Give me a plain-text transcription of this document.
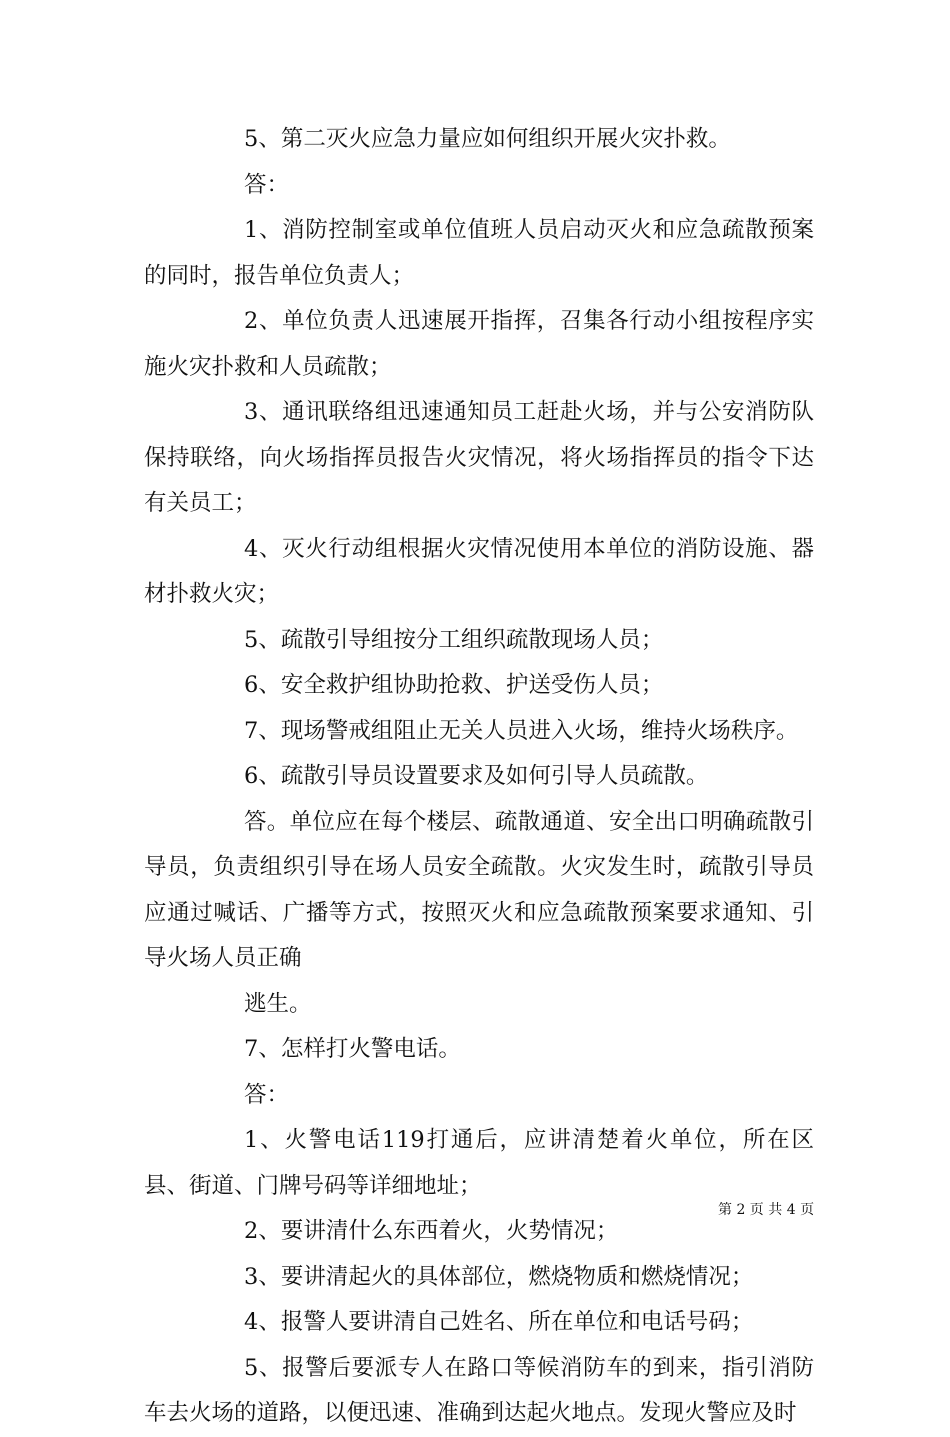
5、第二灭火应急力量应如何组织开展火灾扑救。

答：

1、消防控制室或单位值班人员启动灭火和应急疏散预案的同时，报告单位负责人；

2、单位负责人迅速展开指挥，召集各行动小组按程序实施火灾扑救和人员疏散；

3、通讯联络组迅速通知员工赶赴火场，并与公安消防队保持联络，向火场指挥员报告火灾情况，将火场指挥员的指令下达有关员工；

4、灭火行动组根据火灾情况使用本单位的消防设施、器材扑救火灾；

5、疏散引导组按分工组织疏散现场人员；

6、安全救护组协助抢救、护送受伤人员；

7、现场警戒组阻止无关人员进入火场，维持火场秩序。

6、疏散引导员设置要求及如何引导人员疏散。

答。单位应在每个楼层、疏散通道、安全出口明确疏散引导员，负责组织引导在场人员安全疏散。火灾发生时，疏散引导员应通过喊话、广播等方式，按照灭火和应急疏散预案要求通知、引导火场人员正确

逃生。

7、怎样打火警电话。

答：

1、火警电话119打通后，应讲清楚着火单位，所在区县、街道、门牌号码等详细地址；

2、要讲清什么东西着火，火势情况；

3、要讲清起火的具体部位，燃烧物质和燃烧情况；

4、报警人要讲清自己姓名、所在单位和电话号码；

5、报警后要派专人在路口等候消防车的到来，指引消防车去火场的道路，以便迅速、准确到达起火地点。发现火警应及时

第 2 页 共 4 页
